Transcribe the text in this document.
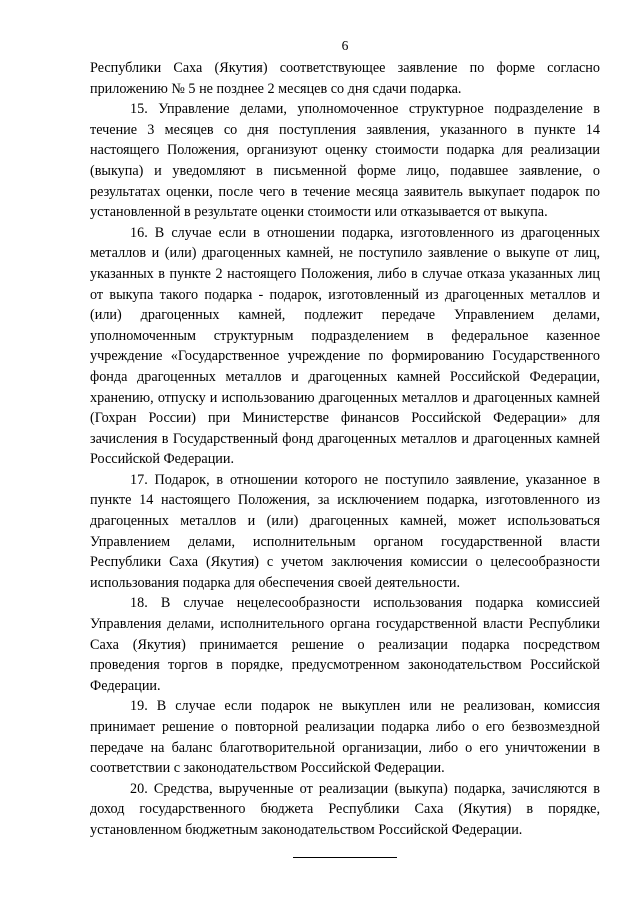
6

Республики Саха (Якутия) соответствующее заявление по форме согласно приложению № 5 не позднее 2 месяцев со дня сдачи подарка.

15. Управление делами, уполномоченное структурное подразделение в течение 3 месяцев со дня поступления заявления, указанного в пункте 14 настоящего Положения, организуют оценку стоимости подарка для реализации (выкупа) и уведомляют в письменной форме лицо, подавшее заявление, о результатах оценки, после чего в течение месяца заявитель выкупает подарок по установленной в результате оценки стоимости или отказывается от выкупа.

16. В случае если в отношении подарка, изготовленного из драгоценных металлов и (или) драгоценных камней, не поступило заявление о выкупе от лиц, указанных в пункте 2 настоящего Положения, либо в случае отказа указанных лиц от выкупа такого подарка - подарок, изготовленный из драгоценных металлов и (или) драгоценных камней, подлежит передаче Управлением делами, уполномоченным структурным подразделением в федеральное казенное учреждение «Государственное учреждение по формированию Государственного фонда драгоценных металлов и драгоценных камней Российской Федерации, хранению, отпуску и использованию драгоценных металлов и драгоценных камней (Гохран России) при Министерстве финансов Российской Федерации» для зачисления в Государственный фонд драгоценных металлов и драгоценных камней Российской Федерации.

17. Подарок, в отношении которого не поступило заявление, указанное в пункте 14 настоящего Положения, за исключением подарка, изготовленного из драгоценных металлов и (или) драгоценных камней, может использоваться Управлением делами, исполнительным органом государственной власти Республики Саха (Якутия) с учетом заключения комиссии о целесообразности использования подарка для обеспечения своей деятельности.

18. В случае нецелесообразности использования подарка комиссией Управления делами, исполнительного органа государственной власти Республики Саха (Якутия) принимается решение о реализации подарка посредством проведения торгов в порядке, предусмотренном законодательством Российской Федерации.

19. В случае если подарок не выкуплен или не реализован, комиссия принимает решение о повторной реализации подарка либо о его безвозмездной передаче на баланс благотворительной организации, либо о его уничтожении в соответствии с законодательством Российской Федерации.

20. Средства, вырученные от реализации (выкупа) подарка, зачисляются в доход государственного бюджета Республики Саха (Якутия) в порядке, установленном бюджетным законодательством Российской Федерации.
